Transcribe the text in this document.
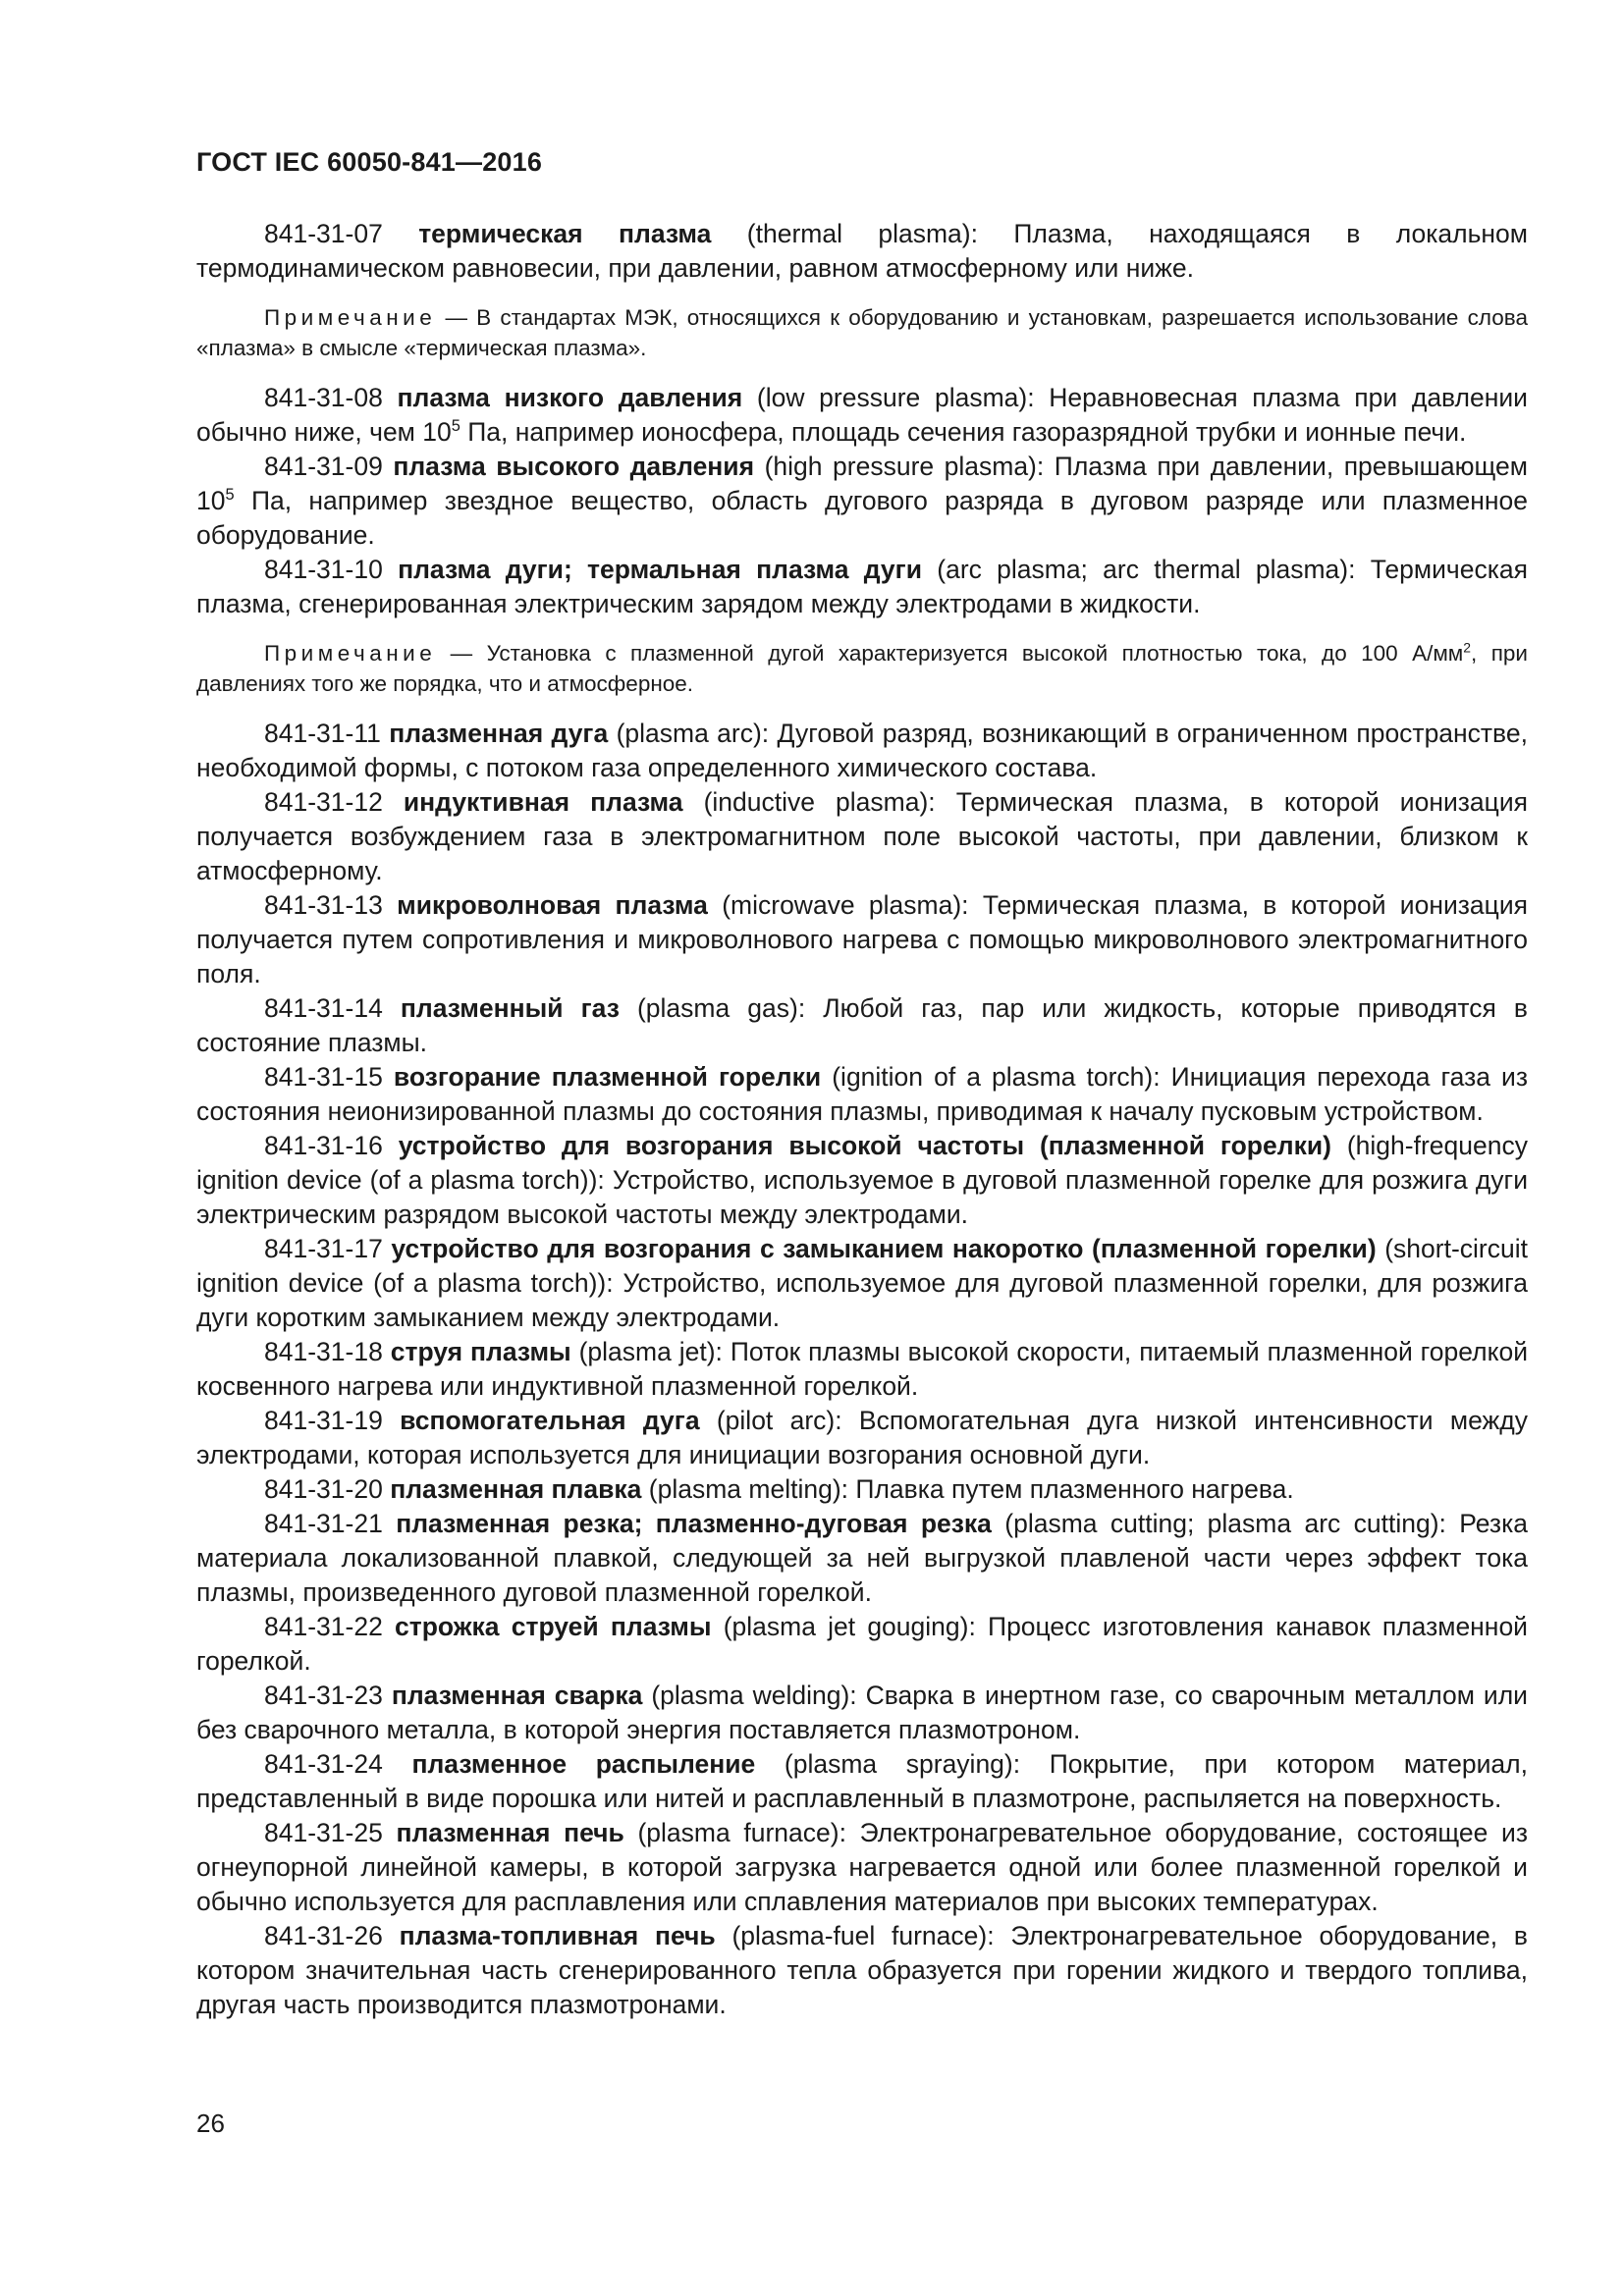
ГОСТ IEC 60050-841—2016

841-31-07 термическая плазма (thermal plasma): Плазма, находящаяся в локальном термодинамическом равновесии, при давлении, равном атмосферному или ниже.

Примечание — В стандартах МЭК, относящихся к оборудованию и установкам, разрешается использование слова «плазма» в смысле «термическая плазма».

841-31-08 плазма низкого давления (low pressure plasma): Неравновесная плазма при давлении обычно ниже, чем $10^5$ Па, например ионосфера, площадь сечения газоразрядной трубки и ионные печи.

841-31-09 плазма высокого давления (high pressure plasma): Плазма при давлении, превышающем $10^5$ Па, например звездное вещество, область дугового разряда в дуговом разряде или плазменное оборудование.

841-31-10 плазма дуги; термальная плазма дуги (arc plasma; arc thermal plasma): Термическая плазма, сгенерированная электрическим зарядом между электродами в жидкости.

Примечание — Установка с плазменной дугой характеризуется высокой плотностью тока, до 100 $А/мм^2$, при давлениях того же порядка, что и атмосферное.

841-31-11 плазменная дуга (plasma arc): Дуговой разряд, возникающий в ограниченном пространстве, необходимой формы, с потоком газа определенного химического состава.

841-31-12 индуктивная плазма (inductive plasma): Термическая плазма, в которой ионизация получается возбуждением газа в электромагнитном поле высокой частоты, при давлении, близком к атмосферному.

841-31-13 микроволновая плазма (microwave plasma): Термическая плазма, в которой ионизация получается путем сопротивления и микроволнового нагрева с помощью микроволнового электромагнитного поля.

841-31-14 плазменный газ (plasma gas): Любой газ, пар или жидкость, которые приводятся в состояние плазмы.

841-31-15 возгорание плазменной горелки (ignition of a plasma torch): Инициация перехода газа из состояния неионизированной плазмы до состояния плазмы, приводимая к началу пусковым устройством.

841-31-16 устройство для возгорания высокой частоты (плазменной горелки) (high-frequency ignition device (of a plasma torch)): Устройство, используемое в дуговой плазменной горелке для розжига дуги электрическим разрядом высокой частоты между электродами.

841-31-17 устройство для возгорания с замыканием накоротко (плазменной горелки) (short-circuit ignition device (of a plasma torch)): Устройство, используемое для дуговой плазменной горелки, для розжига дуги коротким замыканием между электродами.

841-31-18 струя плазмы (plasma jet): Поток плазмы высокой скорости, питаемый плазменной горелкой косвенного нагрева или индуктивной плазменной горелкой.

841-31-19 вспомогательная дуга (pilot arc): Вспомогательная дуга низкой интенсивности между электродами, которая используется для инициации возгорания основной дуги.

841-31-20 плазменная плавка (plasma melting): Плавка путем плазменного нагрева.

841-31-21 плазменная резка; плазменно-дуговая резка (plasma cutting; plasma arc cutting): Резка материала локализованной плавкой, следующей за ней выгрузкой плавленой части через эффект тока плазмы, произведенного дуговой плазменной горелкой.

841-31-22 строжка струей плазмы (plasma jet gouging): Процесс изготовления канавок плазменной горелкой.

841-31-23 плазменная сварка (plasma welding): Сварка в инертном газе, со сварочным металлом или без сварочного металла, в которой энергия поставляется плазмотроном.

841-31-24 плазменное распыление (plasma spraying): Покрытие, при котором материал, представленный в виде порошка или нитей и расплавленный в плазмотроне, распыляется на поверхность.

841-31-25 плазменная печь (plasma furnace): Электронагревательное оборудование, состоящее из огнеупорной линейной камеры, в которой загрузка нагревается одной или более плазменной горелкой и обычно используется для расплавления или сплавления материалов при высоких температурах.

841-31-26 плазма-топливная печь (plasma-fuel furnace): Электронагревательное оборудование, в котором значительная часть сгенерированного тепла образуется при горении жидкого и твердого топлива, другая часть производится плазмотронами.

26
